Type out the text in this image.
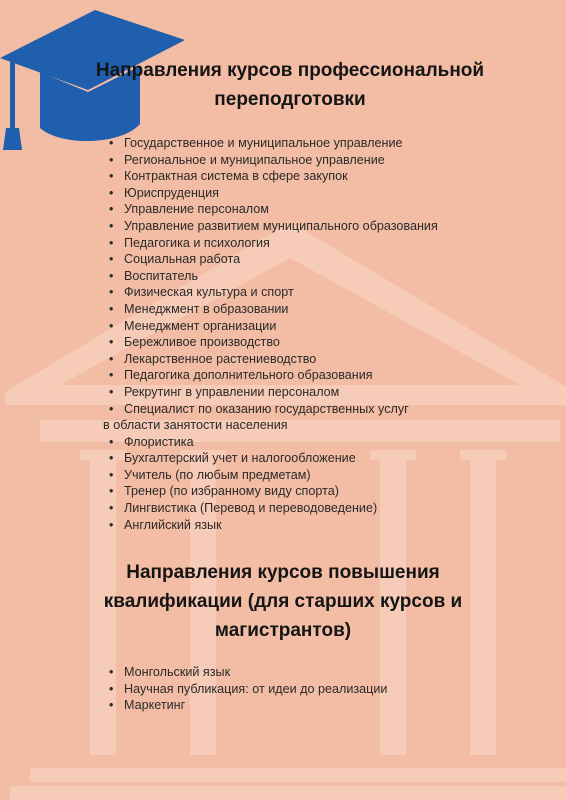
Направления курсов профессиональной
переподготовки
• Государственное и муниципальное управление
• Региональное и муниципальное управление
• Контрактная система в сфере закупок
• Юриспруденция
• Управление персоналом
• Управление развитием муниципального образования
• Педагогика и психология
• Социальная работа
• Воспитатель
• Физическая культура и спорт
• Менеджмент в образовании
• Менеджмент организации
• Бережливое производство
• Лекарственное растениеводство
• Педагогика дополнительного образования
• Рекрутинг в управлении персоналом
• Специалист по оказанию государственных услуг
в области занятости населения
• Флористика
• Бухгалтерский учет и налогообложение
• Учитель (по любым предметам)
• Тренер (по избранному виду спорта)
• Лингвистика (Перевод и переводоведение)
• Английский язык
Направления курсов повышения
квалификации (для старших курсов и
магистрантов)
• Монгольский язык
• Научная публикация: от идеи до реализации
• Маркетинг
